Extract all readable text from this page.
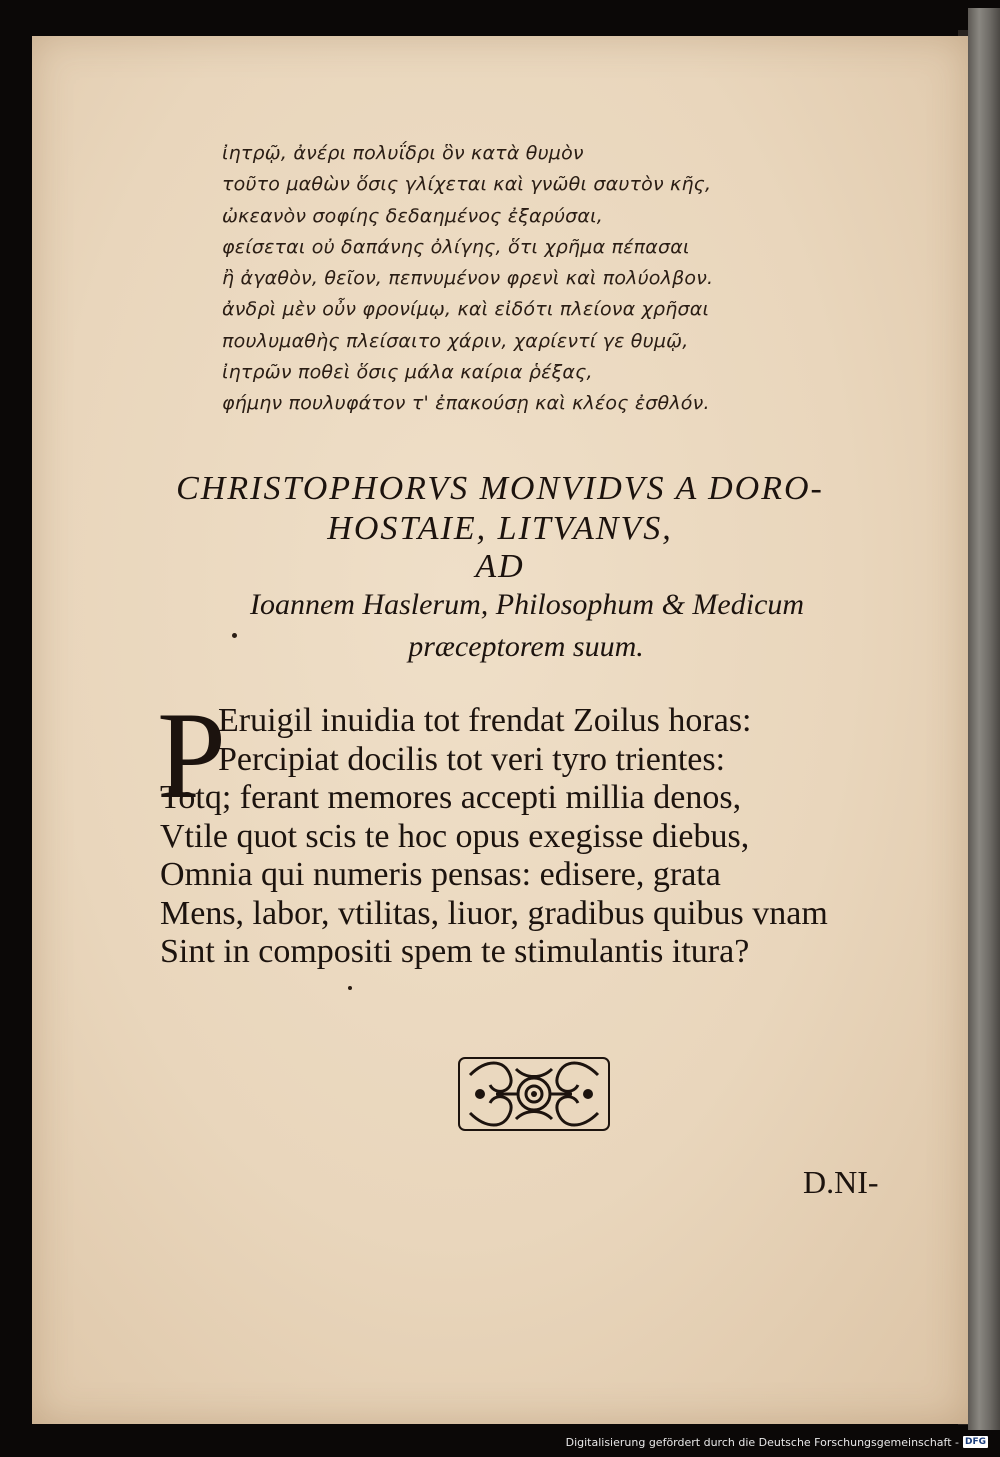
ἰητρῷ, ἀνέρι πολυΐδρι ὃν κατὰ θυμὸν
τοῦτο μαθὼν ὅσις γλίχεται καὶ γνῶθι σαυτὸν κῆς,
ὠκεανὸν σοφίης δεδαημένος ἐξαρύσαι,
φείσεται οὐ δαπάνης ὀλίγης, ὅτι χρῆμα πέπασαι
ἢ ἀγαθὸν, θεῖον, πεπνυμένον φρενὶ καὶ πολύολβον.
ἀνδρὶ μὲν οὖν φρονίμῳ, καὶ εἰδότι πλείονα χρῆσαι
πουλυμαθὴς πλείσαιτο χάριν, χαρίεντί γε θυμῷ,
ἰητρῶν ποθεὶ ὅσις μάλα καίρια ῥέξας,
φήμην πουλυφάτον τ' ἐπακούσῃ καὶ κλέος ἐσθλόν.
CHRISTOPHORVS MONVIDVS A DORO-
HOSTAIE, LITVANVS,
AD
Ioannem Haslerum, Philosophum & Medicum
præceptorem suum.
P
Eruigil inuidia tot frendat Zoilus horas:
Percipiat docilis tot veri tyro trientes:
Totq; ferant memores accepti millia denos,
Vtile quot scis te hoc opus exegisse diebus,
Omnia qui numeris pensas: edisere, grata
Mens, labor, vtilitas, liuor, gradibus quibus vnam
Sint in compositi spem te stimulantis itura?
D.NI-
Digitalisierung gefördert durch die Deutsche Forschungsgemeinschaft - DFG
